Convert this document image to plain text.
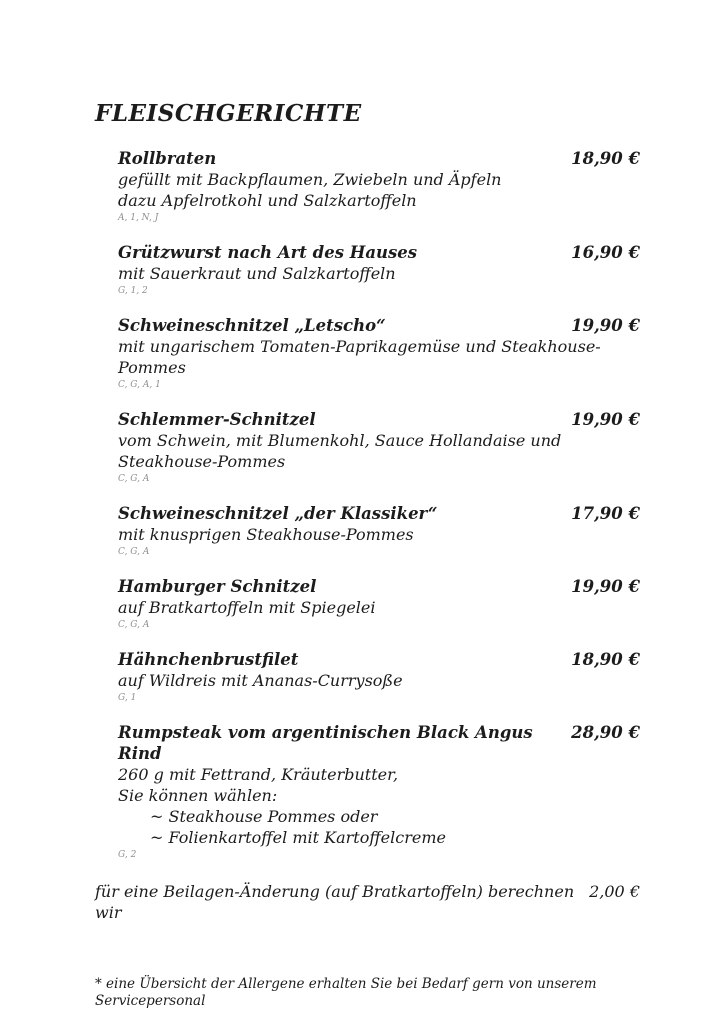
FLEISCHGERICHTE
Rollbraten	18,90 €
gefüllt mit Backpflaumen, Zwiebeln und Äpfeln
dazu Apfelrotkohl und Salzkartoffeln
A, 1, N, J
Grützwurst nach Art des Hauses	16,90 €
mit Sauerkraut und Salzkartoffeln
G, 1, 2
Schweineschnitzel „Letscho“	19,90 €
mit ungarischem Tomaten-Paprikagemüse und Steakhouse-Pommes
C, G, A, 1
Schlemmer-Schnitzel	19,90 €
vom Schwein, mit Blumenkohl, Sauce Hollandaise und Steakhouse-Pommes
C, G, A
Schweineschnitzel „der Klassiker“	17,90 €
mit knusprigen Steakhouse-Pommes
C, G, A
Hamburger Schnitzel	19,90 €
auf Bratkartoffeln mit Spiegelei
C, G, A
Hähnchenbrustfilet	18,90 €
auf Wildreis mit Ananas-Currysoße
G, 1
Rumpsteak vom argentinischen Black Angus Rind
28,90 €
260 g mit Fettrand, Kräuterbutter,
Sie können wählen:
~ Steakhouse Pommes oder
~ Folienkartoffel mit Kartoffelcreme
G, 2
für eine Beilagen-Änderung (auf Bratkartoffeln) berechnen wir
2,00 €
* eine Übersicht der Allergene erhalten Sie bei Bedarf gern von unserem Servicepersonal
